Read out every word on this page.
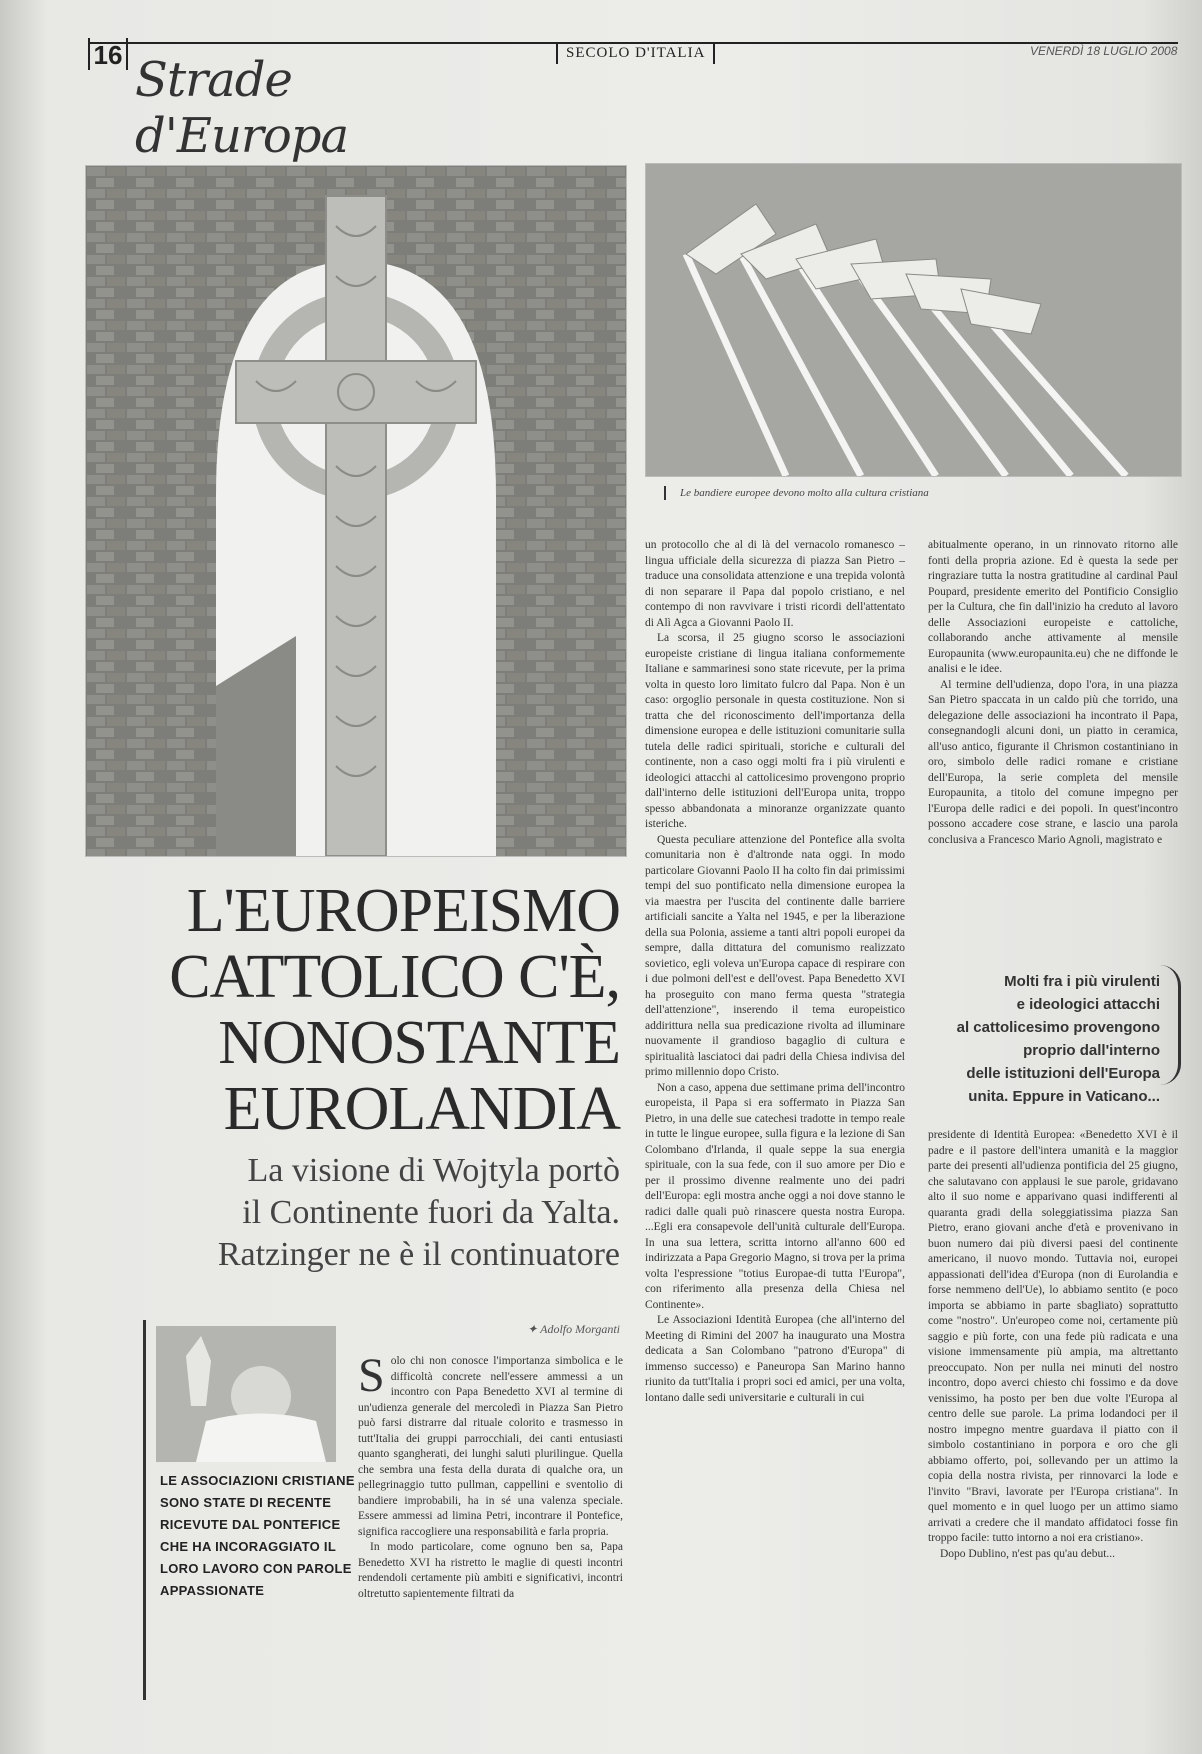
16	SECOLO D'ITALIA	VENERDÌ 18 LUGLIO 2008
Strade d'Europa
Le bandiere europee devono molto alla cultura cristiana
L'EUROPEISMO
CATTOLICO C'È,
NONOSTANTE
EUROLANDIA
La visione di Wojtyla portò
il Continente fuori da Yalta.
Ratzinger ne è il continuatore
LE ASSOCIAZIONI CRISTIANE SONO STATE DI RECENTE RICEVUTE DAL PONTEFICE CHE HA INCORAGGIATO IL LORO LAVORO CON PAROLE APPASSIONATE
✦ Adolfo Morganti
S olo chi non conosce l'importanza simbolica e le difficoltà concrete nell'essere ammessi a un incontro con Papa Benedetto XVI al termine di un'udienza generale del mercoledì in Piazza San Pietro può farsi distrarre dal rituale colorito e trasmesso in tutt'Italia dei gruppi parrocchiali, dei canti entusiasti quanto sgangherati, dei lunghi saluti plurilingue. Quella che sembra una festa della durata di qualche ora, un pellegrinaggio tutto pullman, cappellini e sventolio di bandiere improbabili, ha in sé una valenza speciale. Essere ammessi ad limina Petri, incontrare il Pontefice, significa raccogliere una responsabilità e farla propria.

In modo particolare, come ognuno ben sa, Papa Benedetto XVI ha ristretto le maglie di questi incontri rendendoli certamente più ambiti e significativi, incontri oltretutto sapientemente filtrati da

un protocollo che al di là del vernacolo romanesco – lingua ufficiale della sicurezza di piazza San Pietro – traduce una consolidata attenzione e una trepida volontà di non separare il Papa dal popolo cristiano, e nel contempo di non ravvivare i tristi ricordi dell'attentato di Alì Agca a Giovanni Paolo II.

La scorsa, il 25 giugno scorso le associazioni europeiste cristiane di lingua italiana conformemente Italiane e sammarinesi sono state ricevute, per la prima volta in questo loro limitato fulcro dal Papa. Non è un caso: orgoglio personale in questa costituzione. Non si tratta che del riconoscimento dell'importanza della dimensione europea e delle istituzioni comunitarie sulla tutela delle radici spirituali, storiche e culturali del continente, non a caso oggi molti fra i più virulenti e ideologici attacchi al cattolicesimo provengono proprio dall'interno delle istituzioni dell'Europa unita, troppo spesso abbandonata a minoranze organizzate quanto isteriche.

Questa peculiare attenzione del Pontefice alla svolta comunitaria non è d'altronde nata oggi. In modo particolare Giovanni Paolo II ha colto fin dai primissimi tempi del suo pontificato nella dimensione europea la via maestra per l'uscita del continente dalle barriere artificiali sancite a Yalta nel 1945, e per la liberazione della sua Polonia, assieme a tanti altri popoli europei da sempre, dalla dittatura del comunismo realizzato sovietico, egli voleva un'Europa capace di respirare con i due polmoni dell'est e dell'ovest. Papa Benedetto XVI ha proseguito con mano ferma questa "strategia dell'attenzione", inserendo il tema europeistico addirittura nella sua predicazione rivolta ad illuminare nuovamente il grandioso bagaglio di cultura e spiritualità lasciatoci dai padri della Chiesa indivisa del primo millennio dopo Cristo.

Non a caso, appena due settimane prima dell'incontro europeista, il Papa si era soffermato in Piazza San Pietro, in una delle sue catechesi tradotte in tempo reale in tutte le lingue europee, sulla figura e la lezione di San Colombano d'Irlanda, il quale seppe la sua energia spirituale, con la sua fede, con il suo amore per Dio e per il prossimo divenne realmente uno dei padri dell'Europa: egli mostra anche oggi a noi dove stanno le radici dalle quali può rinascere questa nostra Europa. ...Egli era consapevole dell'unità culturale dell'Europa. In una sua lettera, scritta intorno all'anno 600 ed indirizzata a Papa Gregorio Magno, si trova per la prima volta l'espressione "totius Europae-di tutta l'Europa", con riferimento alla presenza della Chiesa nel Continente».

Le Associazioni Identità Europea (che all'interno del Meeting di Rimini del 2007 ha inaugurato una Mostra dedicata a San Colombano "patrono d'Europa" di immenso successo) e Paneuropa San Marino hanno riunito da tutt'Italia i propri soci ed amici, per una volta, lontano dalle sedi universitarie e culturali in cui

abitualmente operano, in un rinnovato ritorno alle fonti della propria azione. Ed è questa la sede per ringraziare tutta la nostra gratitudine al cardinal Paul Poupard, presidente emerito del Pontificio Consiglio per la Cultura, che fin dall'inizio ha creduto al lavoro delle Associazioni europeiste e cattoliche, collaborando anche attivamente al mensile Europaunita (www.europaunita.eu) che ne diffonde le analisi e le idee.

Al termine dell'udienza, dopo l'ora, in una piazza San Pietro spaccata in un caldo più che torrido, una delegazione delle associazioni ha incontrato il Papa, consegnandogli alcuni doni, un piatto in ceramica, all'uso antico, figurante il Chrismon costantiniano in oro, simbolo delle radici romane e cristiane dell'Europa, la serie completa del mensile Europaunita, a titolo del comune impegno per l'Europa delle radici e dei popoli. In quest'incontro possono accadere cose strane, e lascio una parola conclusiva a Francesco Mario Agnoli, magistrato e

Molti fra i più virulenti
e ideologici attacchi
al cattolicesimo provengono
proprio dall'interno
delle istituzioni dell'Europa
unita. Eppure in Vaticano...

presidente di Identità Europea: «Benedetto XVI è il padre e il pastore dell'intera umanità e la maggior parte dei presenti all'udienza pontificia del 25 giugno, che salutavano con applausi le sue parole, gridavano alto il suo nome e apparivano quasi indifferenti al quaranta gradi della soleggiatissima piazza San Pietro, erano giovani anche d'età e provenivano in buon numero dai più diversi paesi del continente americano, il nuovo mondo. Tuttavia noi, europei appassionati dell'idea d'Europa (non di Eurolandia e forse nemmeno dell'Ue), lo abbiamo sentito (e poco importa se abbiamo in parte sbagliato) soprattutto come "nostro". Un'europeo come noi, certamente più saggio e più forte, con una fede più radicata e una visione immensamente più ampia, ma altrettanto preoccupato. Non per nulla nei minuti del nostro incontro, dopo averci chiesto chi fossimo e da dove venissimo, ha posto per ben due volte l'Europa al centro delle sue parole. La prima lodandoci per il nostro impegno mentre guardava il piatto con il simbolo costantiniano in porpora e oro che gli abbiamo offerto, poi, sollevando per un attimo la copia della nostra rivista, per rinnovarci la lode e l'invito "Bravi, lavorate per l'Europa cristiana". In quel momento e in quel luogo per un attimo siamo arrivati a credere che il mandato affidatoci fosse fin troppo facile: tutto intorno a noi era cristiano».

Dopo Dublino, n'est pas qu'au debut...
